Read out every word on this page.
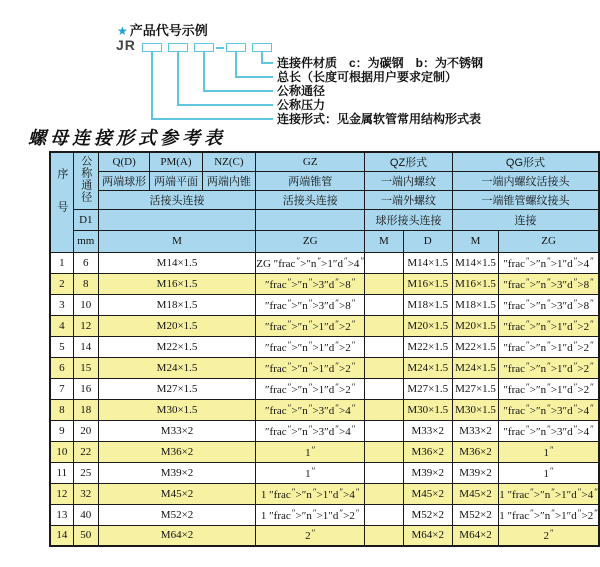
★ 产品代号示例
JR
连接件材质　c：为碳钢　b：为不锈钢
总长（长度可根据用户要求定制）
公称通径
公称压力
连接形式：见金属软管常用结构形式表
螺母连接形式参考表
序号	公称通径	Q(D)	PM(A)	NZ(C)	GZ	QZ形式		QG形式	
		两端球形	两端平面	两端内锥	两端锥管	一端内螺纹		一端内螺纹活接头	
		活接头连接			活接头连接	一端外螺纹		一端锥管螺纹接头	
	D1					球形接头连接		连接	
	mm	M			ZG	M	D	M	ZG
1	6	M14×1.5			ZG ″frac″>″n″>1″d″>4″		M14×1.5	M14×1.5	″frac″>″n″>1″d″>4″
2	8	M16×1.5			″frac″>″n″>3″d″>8″		M16×1.5	M16×1.5	″frac″>″n″>3″d″>8″
3	10	M18×1.5			″frac″>″n″>3″d″>8″		M18×1.5	M18×1.5	″frac″>″n″>3″d″>8″
4	12	M20×1.5			″frac″>″n″>1″d″>2″		M20×1.5	M20×1.5	″frac″>″n″>1″d″>2″
5	14	M22×1.5			″frac″>″n″>1″d″>2″		M22×1.5	M22×1.5	″frac″>″n″>1″d″>2″
6	15	M24×1.5			″frac″>″n″>1″d″>2″		M24×1.5	M24×1.5	″frac″>″n″>1″d″>2″
7	16	M27×1.5			″frac″>″n″>1″d″>2″		M27×1.5	M27×1.5	″frac″>″n″>1″d″>2″
8	18	M30×1.5			″frac″>″n″>3″d″>4″		M30×1.5	M30×1.5	″frac″>″n″>3″d″>4″
9	20	M33×2			″frac″>″n″>3″d″>4″		M33×2	M33×2	″frac″>″n″>3″d″>4″
10	22	M36×2			1″		M36×2	M36×2	1″
11	25	M39×2			1″		M39×2	M39×2	1″
12	32	M45×2			1 ″frac″>″n″>1″d″>4″		M45×2	M45×2	1 ″frac″>″n″>1″d″>4″
13	40	M52×2			1 ″frac″>″n″>1″d″>2″		M52×2	M52×2	1 ″frac″>″n″>1″d″>2″
14	50	M64×2			2″		M64×2	M64×2	2″
